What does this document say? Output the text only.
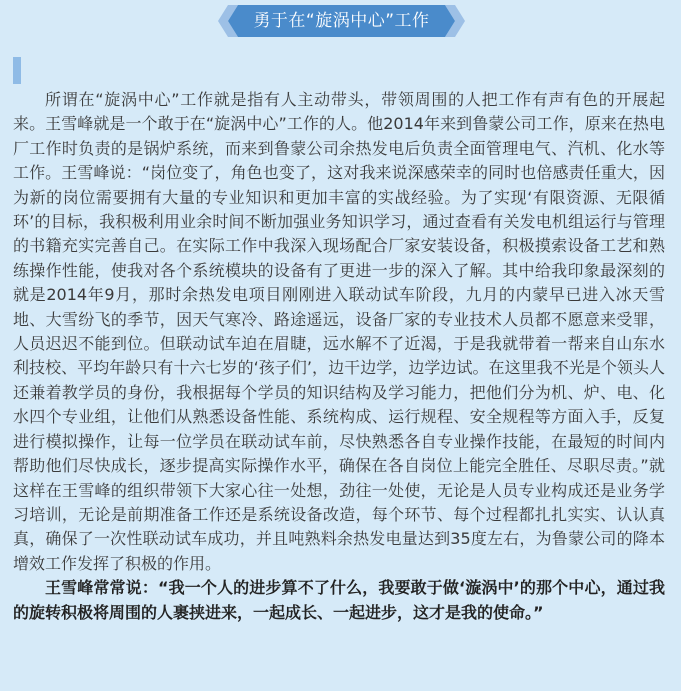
勇于在“旋涡中心”工作

所谓在“旋涡中心”工作就是指有人主动带头，带领周围的人把工作有声有色的开展起来。王雪峰就是一个敢于在“旋涡中心”工作的人。他2014年来到鲁蒙公司工作，原来在热电厂工作时负责的是锅炉系统，而来到鲁蒙公司余热发电后负责全面管理电气、汽机、化水等工作。王雪峰说：“岗位变了，角色也变了，这对我来说深感荣幸的同时也倍感责任重大，因为新的岗位需要拥有大量的专业知识和更加丰富的实战经验。为了实现‘有限资源、无限循环’的目标，我积极利用业余时间不断加强业务知识学习，通过查看有关发电机组运行与管理的书籍充实完善自己。在实际工作中我深入现场配合厂家安装设备，积极摸索设备工艺和熟练操作性能，使我对各个系统模块的设备有了更进一步的深入了解。其中给我印象最深刻的就是2014年9月，那时余热发电项目刚刚进入联动试车阶段，九月的内蒙早已进入冰天雪地、大雪纷飞的季节，因天气寒冷、路途遥远，设备厂家的专业技术人员都不愿意来受罪，人员迟迟不能到位。但联动试车迫在眉睫，远水解不了近渴，于是我就带着一帮来自山东水利技校、平均年龄只有十六七岁的‘孩子们’，边干边学，边学边试。在这里我不光是个领头人还兼着教学员的身份，我根据每个学员的知识结构及学习能力，把他们分为机、炉、电、化水四个专业组，让他们从熟悉设备性能、系统构成、运行规程、安全规程等方面入手，反复进行模拟操作，让每一位学员在联动试车前，尽快熟悉各自专业操作技能，在最短的时间内帮助他们尽快成长，逐步提高实际操作水平，确保在各自岗位上能完全胜任、尽职尽责。”就这样在王雪峰的组织带领下大家心往一处想，劲往一处使，无论是人员专业构成还是业务学习培训，无论是前期准备工作还是系统设备改造，每个环节、每个过程都扎扎实实、认认真真，确保了一次性联动试车成功，并且吨熟料余热发电量达到35度左右，为鲁蒙公司的降本增效工作发挥了积极的作用。

王雪峰常常说：“我一个人的进步算不了什么，我要敢于做‘漩涡中’的那个中心，通过我的旋转积极将周围的人裹挟进来，一起成长、一起进步，这才是我的使命。”
